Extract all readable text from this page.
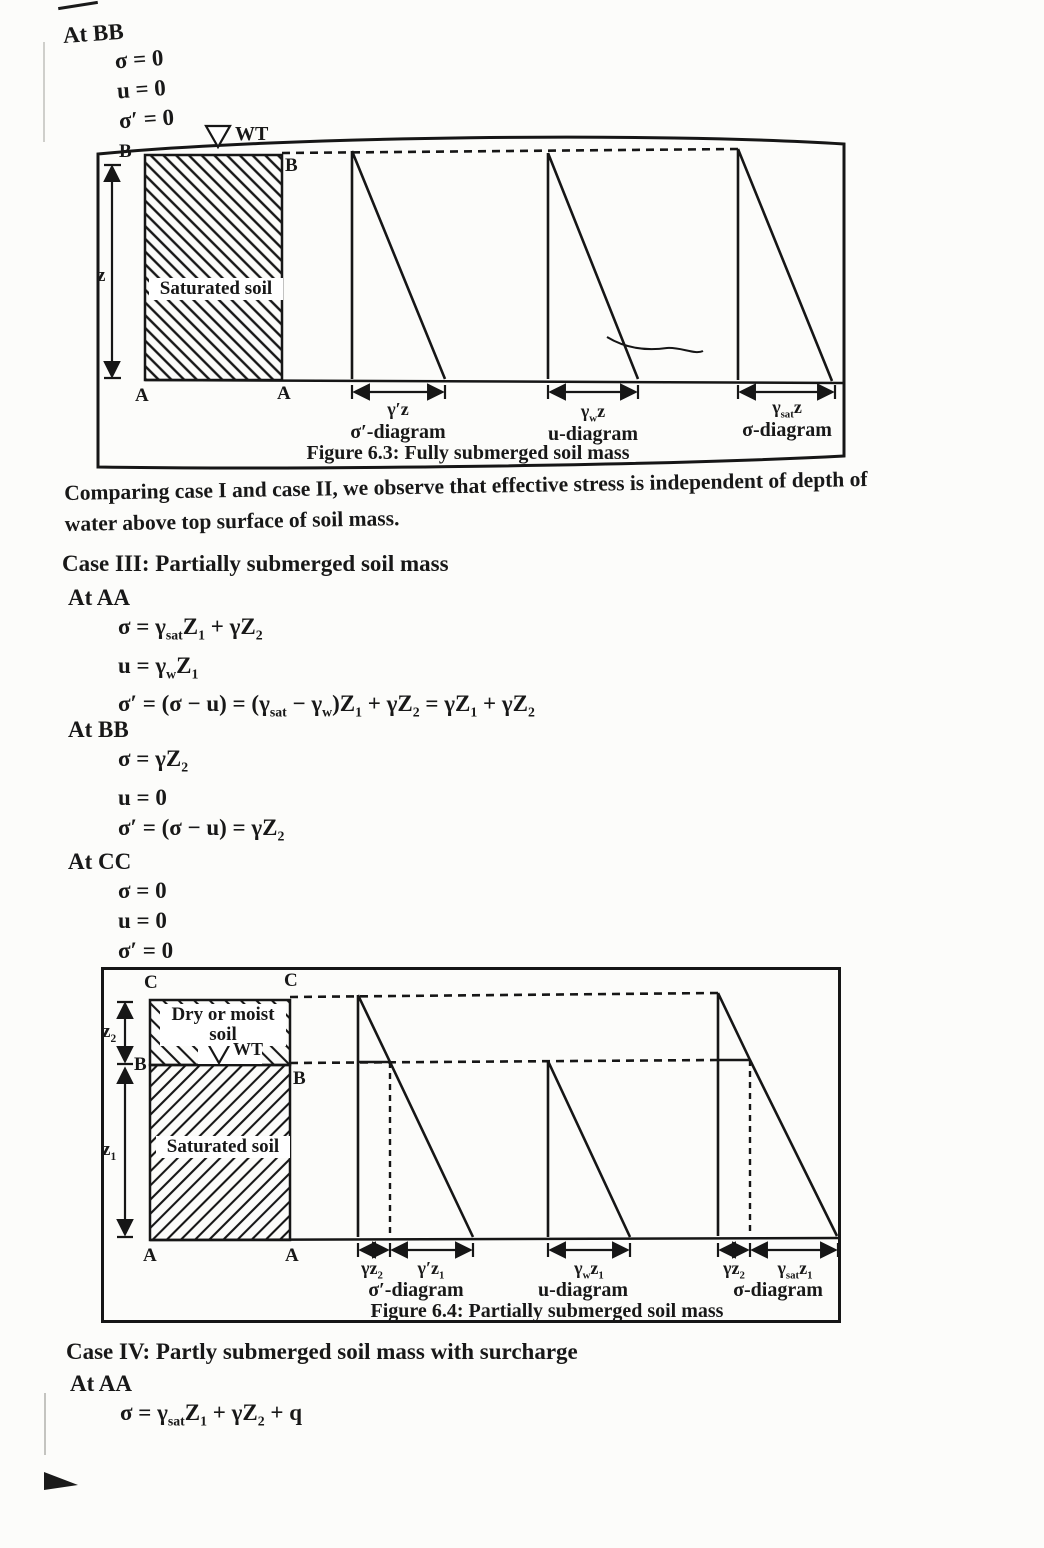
At BB
σ = 0
u = 0
σ′ = 0
B
B
A	A
z
WT
Saturated soil
γ′z
σ′-diagram
$\gamma_wz$
u-diagram
$\gamma_{sat}z$
σ-diagram
Figure 6.3: Fully submerged soil mass
Comparing case I and case II, we observe that effective stress is independent of depth of water above top surface of soil mass.
Case III: Partially submerged soil mass
At AA
$\sigma = \gamma_{sat}Z_1 + \gamma Z_2$
$u = \gamma_wZ_1$
$\sigma' = (\sigma - u) = (\gamma_{sat} - \gamma_w)Z_1 + \gamma Z_2 = \gamma Z_1 + \gamma Z_2$
At BB
$\sigma = \gamma Z_2$
u = 0
$\sigma' = (\sigma - u) = \gamma Z_2$
At CC
σ = 0
u = 0
σ′ = 0
C	C
B
B
A	A
$z_2$
$z_1$
Dry or moist soil
WT
Saturated soil
$\gamma z_2$ $\gamma'z_1$
σ′-diagram
$\gamma_wz_1$
u-diagram
$\gamma z_2$ $\gamma_{sat}z_1$
σ-diagram
Figure 6.4: Partially submerged soil mass
Case IV: Partly submerged soil mass with surcharge
At AA
$\sigma = \gamma_{sat}Z_1 + \gamma Z_2 + q$
